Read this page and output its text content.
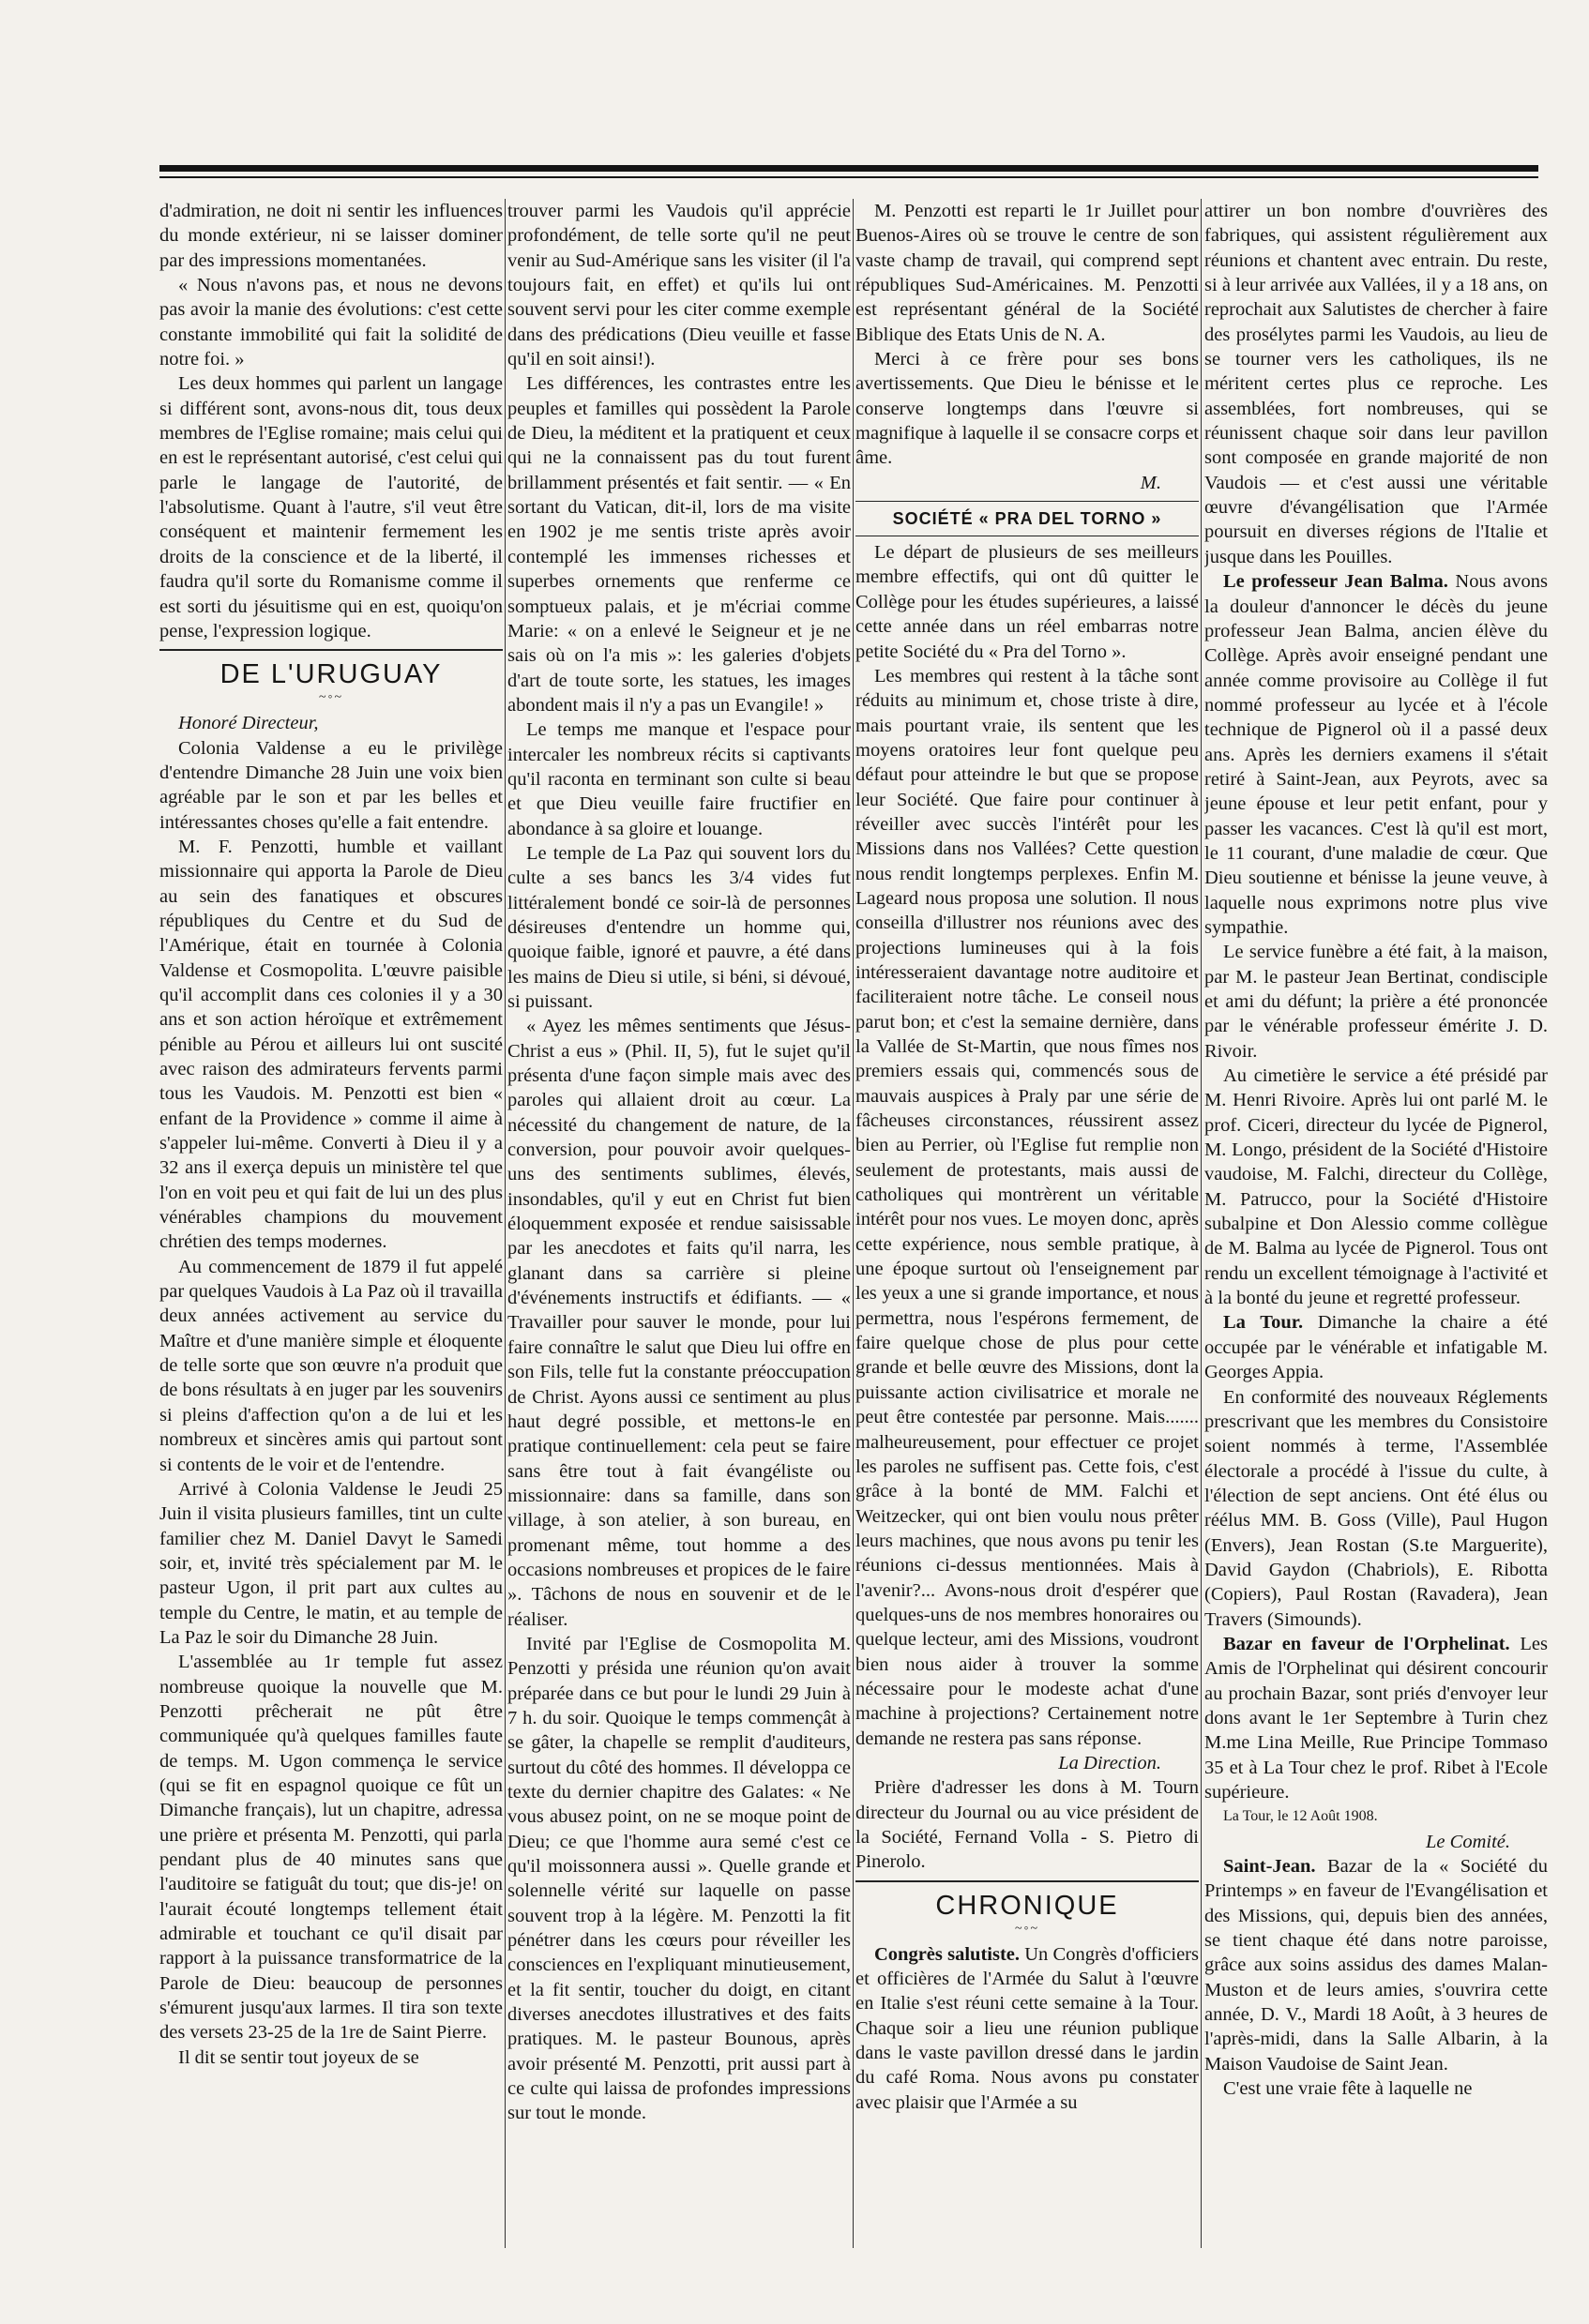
d'admiration, ne doit ni sentir les influences du monde extérieur, ni se laisser dominer par des impressions momentanées.

« Nous n'avons pas, et nous ne devons pas avoir la manie des évolutions: c'est cette constante immobilité qui fait la solidité de notre foi. »

Les deux hommes qui parlent un langage si différent sont, avons-nous dit, tous deux membres de l'Eglise romaine; mais celui qui en est le représentant autorisé, c'est celui qui parle le langage de l'autorité, de l'absolutisme. Quant à l'autre, s'il veut être conséquent et maintenir fermement les droits de la conscience et de la liberté, il faudra qu'il sorte du Romanisme comme il est sorti du jésuitisme qui en est, quoiqu'on pense, l'expression logique.

DE L'URUGUAY
~◦~

Honoré Directeur,

Colonia Valdense a eu le privilège d'entendre Dimanche 28 Juin une voix bien agréable par le son et par les belles et intéressantes choses qu'elle a fait entendre.

M. F. Penzotti, humble et vaillant missionnaire qui apporta la Parole de Dieu au sein des fanatiques et obscures républiques du Centre et du Sud de l'Amérique, était en tournée à Colonia Valdense et Cosmopolita. L'œuvre paisible qu'il accomplit dans ces colonies il y a 30 ans et son action héroïque et extrêmement pénible au Pérou et ailleurs lui ont suscité avec raison des admirateurs fervents parmi tous les Vaudois. M. Penzotti est bien « enfant de la Providence » comme il aime à s'appeler lui-même. Converti à Dieu il y a 32 ans il exerça depuis un ministère tel que l'on en voit peu et qui fait de lui un des plus vénérables champions du mouvement chrétien des temps modernes.

Au commencement de 1879 il fut appelé par quelques Vaudois à La Paz où il travailla deux années activement au service du Maître et d'une manière simple et éloquente de telle sorte que son œuvre n'a produit que de bons résultats à en juger par les souvenirs si pleins d'affection qu'on a de lui et les nombreux et sincères amis qui partout sont si contents de le voir et de l'entendre.

Arrivé à Colonia Valdense le Jeudi 25 Juin il visita plusieurs familles, tint un culte familier chez M. Daniel Davyt le Samedi soir, et, invité très spécialement par M. le pasteur Ugon, il prit part aux cultes au temple du Centre, le matin, et au temple de La Paz le soir du Dimanche 28 Juin.

L'assemblée au 1r temple fut assez nombreuse quoique la nouvelle que M. Penzotti prêcherait ne pût être communiquée qu'à quelques familles faute de temps. M. Ugon commença le service (qui se fit en espagnol quoique ce fût un Dimanche français), lut un chapitre, adressa une prière et présenta M. Penzotti, qui parla pendant plus de 40 minutes sans que l'auditoire se fatiguât du tout; que dis-je! on l'aurait écouté longtemps tellement était admirable et touchant ce qu'il disait par rapport à la puissance transformatrice de la Parole de Dieu: beaucoup de personnes s'émurent jusqu'aux larmes. Il tira son texte des versets 23-25 de la 1re de Saint Pierre.

Il dit se sentir tout joyeux de se

trouver parmi les Vaudois qu'il apprécie profondément, de telle sorte qu'il ne peut venir au Sud-Amérique sans les visiter (il l'a toujours fait, en effet) et qu'ils lui ont souvent servi pour les citer comme exemple dans des prédications (Dieu veuille et fasse qu'il en soit ainsi!).

Les différences, les contrastes entre les peuples et familles qui possèdent la Parole de Dieu, la méditent et la pratiquent et ceux qui ne la connaissent pas du tout furent brillamment présentés et fait sentir. — « En sortant du Vatican, dit-il, lors de ma visite en 1902 je me sentis triste après avoir contemplé les immenses richesses et superbes ornements que renferme ce somptueux palais, et je m'écriai comme Marie: « on a enlevé le Seigneur et je ne sais où on l'a mis »: les galeries d'objets d'art de toute sorte, les statues, les images abondent mais il n'y a pas un Evangile! »

Le temps me manque et l'espace pour intercaler les nombreux récits si captivants qu'il raconta en terminant son culte si beau et que Dieu veuille faire fructifier en abondance à sa gloire et louange.

Le temple de La Paz qui souvent lors du culte a ses bancs les 3/4 vides fut littéralement bondé ce soir-là de personnes désireuses d'entendre un homme qui, quoique faible, ignoré et pauvre, a été dans les mains de Dieu si utile, si béni, si dévoué, si puissant.

« Ayez les mêmes sentiments que Jésus-Christ a eus » (Phil. II, 5), fut le sujet qu'il présenta d'une façon simple mais avec des paroles qui allaient droit au cœur. La nécessité du changement de nature, de la conversion, pour pouvoir avoir quelques-uns des sentiments sublimes, élevés, insondables, qu'il y eut en Christ fut bien éloquemment exposée et rendue saisissable par les anecdotes et faits qu'il narra, les glanant dans sa carrière si pleine d'événements instructifs et édifiants. — « Travailler pour sauver le monde, pour lui faire connaître le salut que Dieu lui offre en son Fils, telle fut la constante préoccupation de Christ. Ayons aussi ce sentiment au plus haut degré possible, et mettons-le en pratique continuellement: cela peut se faire sans être tout à fait évangéliste ou missionnaire: dans sa famille, dans son village, à son atelier, à son bureau, en promenant même, tout homme a des occasions nombreuses et propices de le faire ». Tâchons de nous en souvenir et de le réaliser.

Invité par l'Eglise de Cosmopolita M. Penzotti y présida une réunion qu'on avait préparée dans ce but pour le lundi 29 Juin à 7 h. du soir. Quoique le temps commençât à se gâter, la chapelle se remplit d'auditeurs, surtout du côté des hommes. Il développa ce texte du dernier chapitre des Galates: « Ne vous abusez point, on ne se moque point de Dieu; ce que l'homme aura semé c'est ce qu'il moissonnera aussi ». Quelle grande et solennelle vérité sur laquelle on passe souvent trop à la légère. M. Penzotti la fit pénétrer dans les cœurs pour réveiller les consciences en l'expliquant minutieusement, et la fit sentir, toucher du doigt, en citant diverses anecdotes illustratives et des faits pratiques. M. le pasteur Bounous, après avoir présenté M. Penzotti, prit aussi part à ce culte qui laissa de profondes impressions sur tout le monde.

M. Penzotti est reparti le 1r Juillet pour Buenos-Aires où se trouve le centre de son vaste champ de travail, qui comprend sept républiques Sud-Américaines. M. Penzotti est représentant général de la Société Biblique des Etats Unis de N. A.

Merci à ce frère pour ses bons avertissements. Que Dieu le bénisse et le conserve longtemps dans l'œuvre si magnifique à laquelle il se consacre corps et âme.

M.

SOCIÉTÉ « PRA DEL TORNO »

Le départ de plusieurs de ses meilleurs membre effectifs, qui ont dû quitter le Collège pour les études supérieures, a laissé cette année dans un réel embarras notre petite Société du « Pra del Torno ».

Les membres qui restent à la tâche sont réduits au minimum et, chose triste à dire, mais pourtant vraie, ils sentent que les moyens oratoires leur font quelque peu défaut pour atteindre le but que se propose leur Société. Que faire pour continuer à réveiller avec succès l'intérêt pour les Missions dans nos Vallées? Cette question nous rendit longtemps perplexes. Enfin M. Lageard nous proposa une solution. Il nous conseilla d'illustrer nos réunions avec des projections lumineuses qui à la fois intéresseraient davantage notre auditoire et faciliteraient notre tâche. Le conseil nous parut bon; et c'est la semaine dernière, dans la Vallée de St-Martin, que nous fîmes nos premiers essais qui, commencés sous de mauvais auspices à Praly par une série de fâcheuses circonstances, réussirent assez bien au Perrier, où l'Eglise fut remplie non seulement de protestants, mais aussi de catholiques qui montrèrent un véritable intérêt pour nos vues. Le moyen donc, après cette expérience, nous semble pratique, à une époque surtout où l'enseignement par les yeux a une si grande importance, et nous permettra, nous l'espérons fermement, de faire quelque chose de plus pour cette grande et belle œuvre des Missions, dont la puissante action civilisatrice et morale ne peut être contestée par personne. Mais....... malheureusement, pour effectuer ce projet les paroles ne suffisent pas. Cette fois, c'est grâce à la bonté de MM. Falchi et Weitzecker, qui ont bien voulu nous prêter leurs machines, que nous avons pu tenir les réunions ci-dessus mentionnées. Mais à l'avenir?... Avons-nous droit d'espérer que quelques-uns de nos membres honoraires ou quelque lecteur, ami des Missions, voudront bien nous aider à trouver la somme nécessaire pour le modeste achat d'une machine à projections? Certainement notre demande ne restera pas sans réponse.

La Direction.

Prière d'adresser les dons à M. Tourn directeur du Journal ou au vice président de la Société, Fernand Volla - S. Pietro di Pinerolo.

CHRONIQUE
~◦~

Congrès salutiste. Un Congrès d'officiers et officières de l'Armée du Salut à l'œuvre en Italie s'est réuni cette semaine à la Tour. Chaque soir a lieu une réunion publique dans le vaste pavillon dressé dans le jardin du café Roma. Nous avons pu constater avec plaisir que l'Armée a su

attirer un bon nombre d'ouvrières des fabriques, qui assistent régulièrement aux réunions et chantent avec entrain. Du reste, si à leur arrivée aux Vallées, il y a 18 ans, on reprochait aux Salutistes de chercher à faire des prosélytes parmi les Vaudois, au lieu de se tourner vers les catholiques, ils ne méritent certes plus ce reproche. Les assemblées, fort nombreuses, qui se réunissent chaque soir dans leur pavillon sont composée en grande majorité de non Vaudois — et c'est aussi une véritable œuvre d'évangélisation que l'Armée poursuit en diverses régions de l'Italie et jusque dans les Pouilles.

Le professeur Jean Balma. Nous avons la douleur d'annoncer le décès du jeune professeur Jean Balma, ancien élève du Collège. Après avoir enseigné pendant une année comme provisoire au Collège il fut nommé professeur au lycée et à l'école technique de Pignerol où il a passé deux ans. Après les derniers examens il s'était retiré à Saint-Jean, aux Peyrots, avec sa jeune épouse et leur petit enfant, pour y passer les vacances. C'est là qu'il est mort, le 11 courant, d'une maladie de cœur. Que Dieu soutienne et bénisse la jeune veuve, à laquelle nous exprimons notre plus vive sympathie.

Le service funèbre a été fait, à la maison, par M. le pasteur Jean Bertinat, condisciple et ami du défunt; la prière a été prononcée par le vénérable professeur émérite J. D. Rivoir.

Au cimetière le service a été présidé par M. Henri Rivoire. Après lui ont parlé M. le prof. Ciceri, directeur du lycée de Pignerol, M. Longo, président de la Société d'Histoire vaudoise, M. Falchi, directeur du Collège, M. Patrucco, pour la Société d'Histoire subalpine et Don Alessio comme collègue de M. Balma au lycée de Pignerol. Tous ont rendu un excellent témoignage à l'activité et à la bonté du jeune et regretté professeur.

La Tour. Dimanche la chaire a été occupée par le vénérable et infatigable M. Georges Appia.

En conformité des nouveaux Réglements prescrivant que les membres du Consistoire soient nommés à terme, l'Assemblée électorale a procédé à l'issue du culte, à l'élection de sept anciens. Ont été élus ou réélus MM. B. Goss (Ville), Paul Hugon (Envers), Jean Rostan (S.te Marguerite), David Gaydon (Chabriols), E. Ribotta (Copiers), Paul Rostan (Ravadera), Jean Travers (Simounds).

Bazar en faveur de l'Orphelinat. Les Amis de l'Orphelinat qui désirent concourir au prochain Bazar, sont priés d'envoyer leur dons avant le 1er Septembre à Turin chez M.me Lina Meille, Rue Principe Tommaso 35 et à La Tour chez le prof. Ribet à l'Ecole supérieure.

La Tour, le 12 Août 1908.

Le Comité.

Saint-Jean. Bazar de la « Société du Printemps » en faveur de l'Evangélisation et des Missions, qui, depuis bien des années, se tient chaque été dans notre paroisse, grâce aux soins assidus des dames Malan-Muston et de leurs amies, s'ouvrira cette année, D. V., Mardi 18 Août, à 3 heures de l'après-midi, dans la Salle Albarin, à la Maison Vaudoise de Saint Jean.

C'est une vraie fête à laquelle ne
